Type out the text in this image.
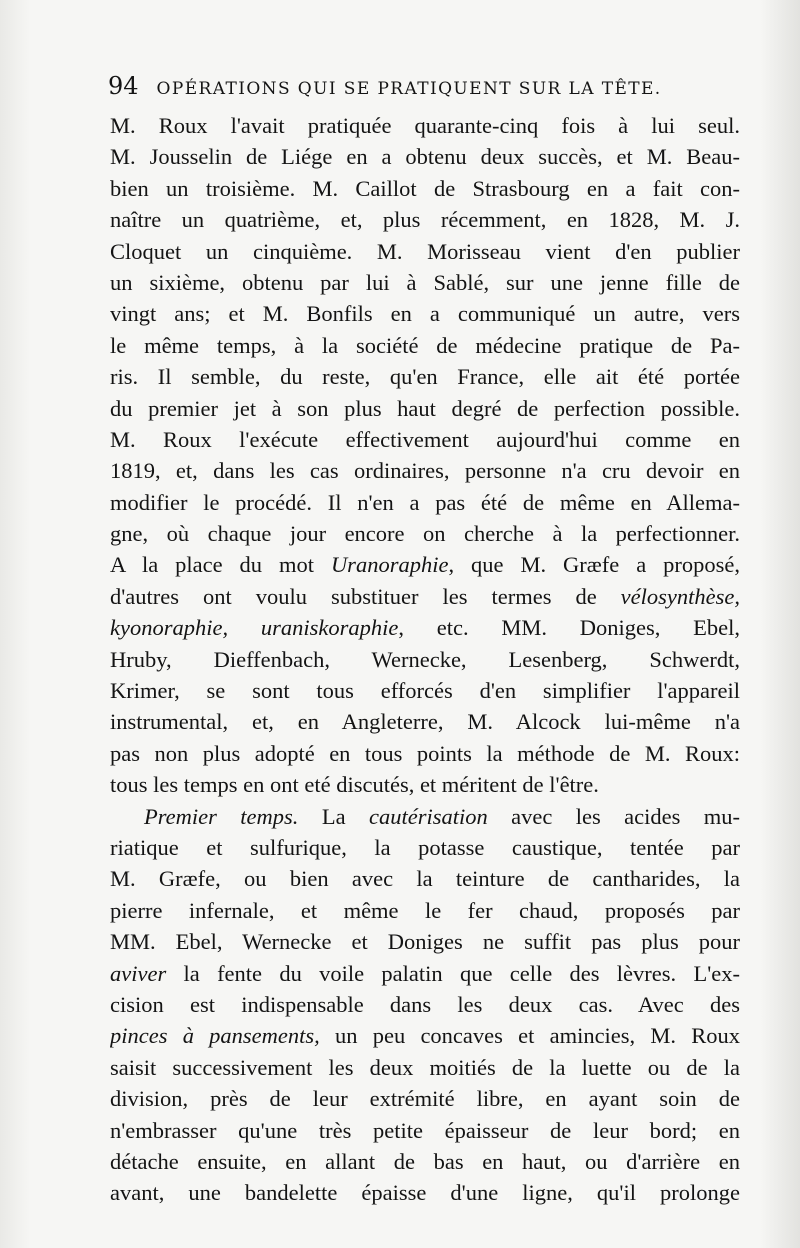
94 OPÉRATIONS QUI SE PRATIQUENT SUR LA TÊTE.
M. Roux l'avait pratiquée quarante-cinq fois à lui seul.
M. Jousselin de Liége en a obtenu deux succès, et M. Beau-
bien un troisième. M. Caillot de Strasbourg en a fait con-
naître un quatrième, et, plus récemment, en 1828, M. J.
Cloquet un cinquième. M. Morisseau vient d'en publier
un sixième, obtenu par lui à Sablé, sur une jenne fille de
vingt ans; et M. Bonfils en a communiqué un autre, vers
le même temps, à la société de médecine pratique de Pa-
ris. Il semble, du reste, qu'en France, elle ait été portée
du premier jet à son plus haut degré de perfection possible.
M. Roux l'exécute effectivement aujourd'hui comme en
1819, et, dans les cas ordinaires, personne n'a cru devoir en
modifier le procédé. Il n'en a pas été de même en Allema-
gne, où chaque jour encore on cherche à la perfectionner.
A la place du mot Uranoraphie, que M. Græfe a proposé,
d'autres ont voulu substituer les termes de vélosynthèse,
kyonoraphie, uraniskoraphie, etc. MM. Doniges, Ebel,
Hruby, Dieffenbach, Wernecke, Lesenberg, Schwerdt,
Krimer, se sont tous efforcés d'en simplifier l'appareil
instrumental, et, en Angleterre, M. Alcock lui-même n'a
pas non plus adopté en tous points la méthode de M. Roux:
tous les temps en ont eté discutés, et méritent de l'être.
Premier temps. La cautérisation avec les acides mu-
riatique et sulfurique, la potasse caustique, tentée par
M. Græfe, ou bien avec la teinture de cantharides, la
pierre infernale, et même le fer chaud, proposés par
MM. Ebel, Wernecke et Doniges ne suffit pas plus pour
aviver la fente du voile palatin que celle des lèvres. L'ex-
cision est indispensable dans les deux cas. Avec des
pinces à pansements, un peu concaves et amincies, M. Roux
saisit successivement les deux moitiés de la luette ou de la
division, près de leur extrémité libre, en ayant soin de
n'embrasser qu'une très petite épaisseur de leur bord; en
détache ensuite, en allant de bas en haut, ou d'arrière en
avant, une bandelette épaisse d'une ligne, qu'il prolonge
